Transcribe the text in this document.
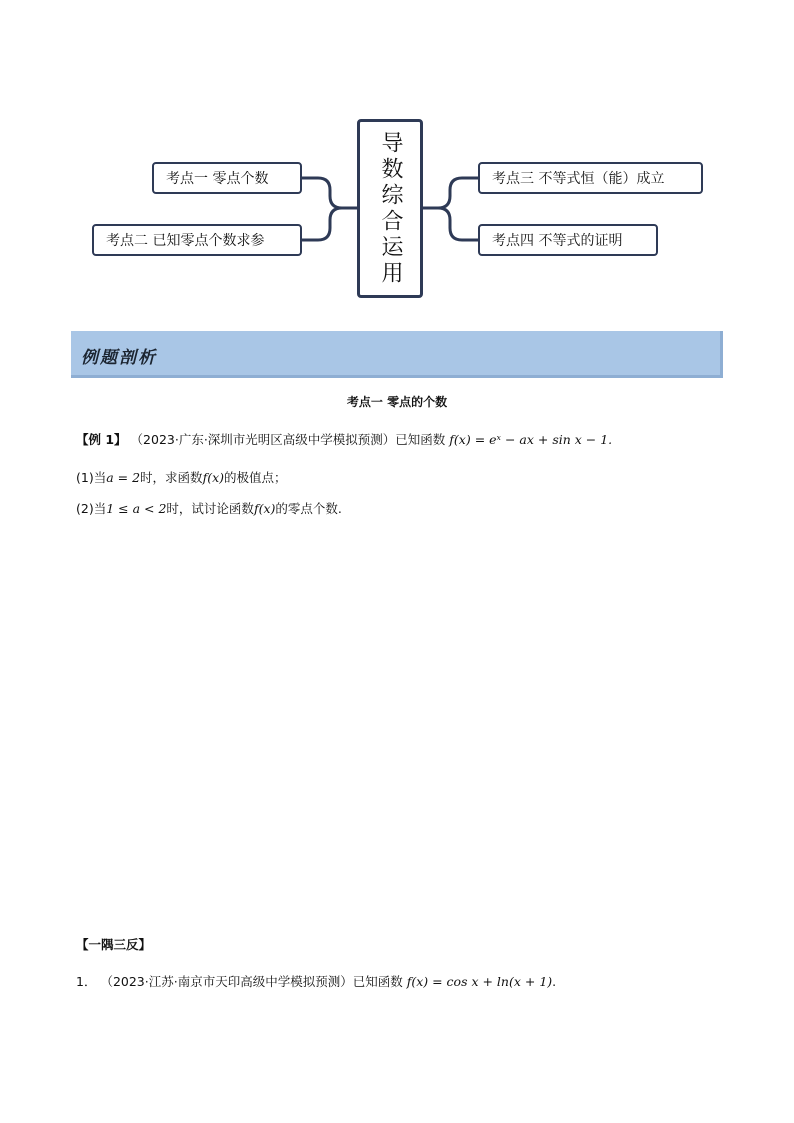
导数综合运用
考点一 零点个数
考点二 已知零点个数求参
考点三 不等式恒（能）成立
考点四 不等式的证明
例题剖析
考点一 零点的个数
【例 1】 （2023·广东·深圳市光明区高级中学模拟预测）已知函数 f(x) = eˣ − ax + sin x − 1.
(1)当a = 2时，求函数f(x)的极值点；
(2)当1 ≤ a < 2时，试讨论函数f(x)的零点个数.
【一隅三反】
1． （2023·江苏·南京市天印高级中学模拟预测）已知函数 f(x) = cos x + ln(x + 1).
